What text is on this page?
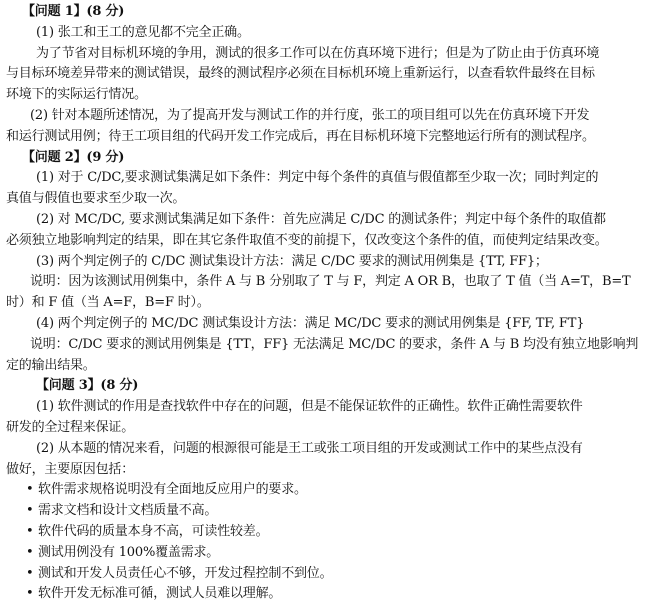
【问题 1】(8 分)
(1) 张工和王工的意见都不完全正确。
为了节省对目标机环境的争用，测试的很多工作可以在仿真环境下进行；但是为了防止由于仿真环境
与目标环境差异带来的测试错误，最终的测试程序必须在目标机环境上重新运行，以查看软件最终在目标
环境下的实际运行情况。
(2) 针对本题所述情况，为了提高开发与测试工作的并行度，张工的项目组可以先在仿真环境下开发
和运行测试用例；待王工项目组的代码开发工作完成后，再在目标机环境下完整地运行所有的测试程序。
【问题 2】(9 分)
(1) 对于 C/DC,要求测试集满足如下条件：判定中每个条件的真值与假值都至少取一次；同时判定的
真值与假值也要求至少取一次。
(2) 对 MC/DC, 要求测试集满足如下条件：首先应满足 C/DC 的测试条件；判定中每个条件的取值都
必须独立地影响判定的结果，即在其它条件取值不变的前提下，仅改变这个条件的值，而使判定结果改变。
(3) 两个判定例子的 C/DC 测试集设计方法：满足 C/DC 要求的测试用例集是 {TT, FF}；
说明：因为该测试用例集中，条件 A 与 B 分别取了 T 与 F，判定 A OR B，也取了 T 值（当 A=T，B=T
时）和 F 值（当 A=F，B=F 时）。
(4) 两个判定例子的 MC/DC 测试集设计方法：满足 MC/DC 要求的测试用例集是 {FF, TF, FT}
说明：C/DC 要求的测试用例集是 {TT，FF} 无法满足 MC/DC 的要求，条件 A 与 B 均没有独立地影响判
定的输出结果。
【问题 3】(8 分)
(1) 软件测试的作用是查找软件中存在的问题，但是不能保证软件的正确性。软件正确性需要软件
研发的全过程来保证。
(2) 从本题的情况来看，问题的根源很可能是王工或张工项目组的开发或测试工作中的某些点没有
做好，主要原因包括：
• 软件需求规格说明没有全面地反应用户的要求。
• 需求文档和设计文档质量不高。
• 软件代码的质量本身不高，可读性较差。
• 测试用例没有 100%覆盖需求。
• 测试和开发人员责任心不够，开发过程控制不到位。
• 软件开发无标准可循，测试人员难以理解。
